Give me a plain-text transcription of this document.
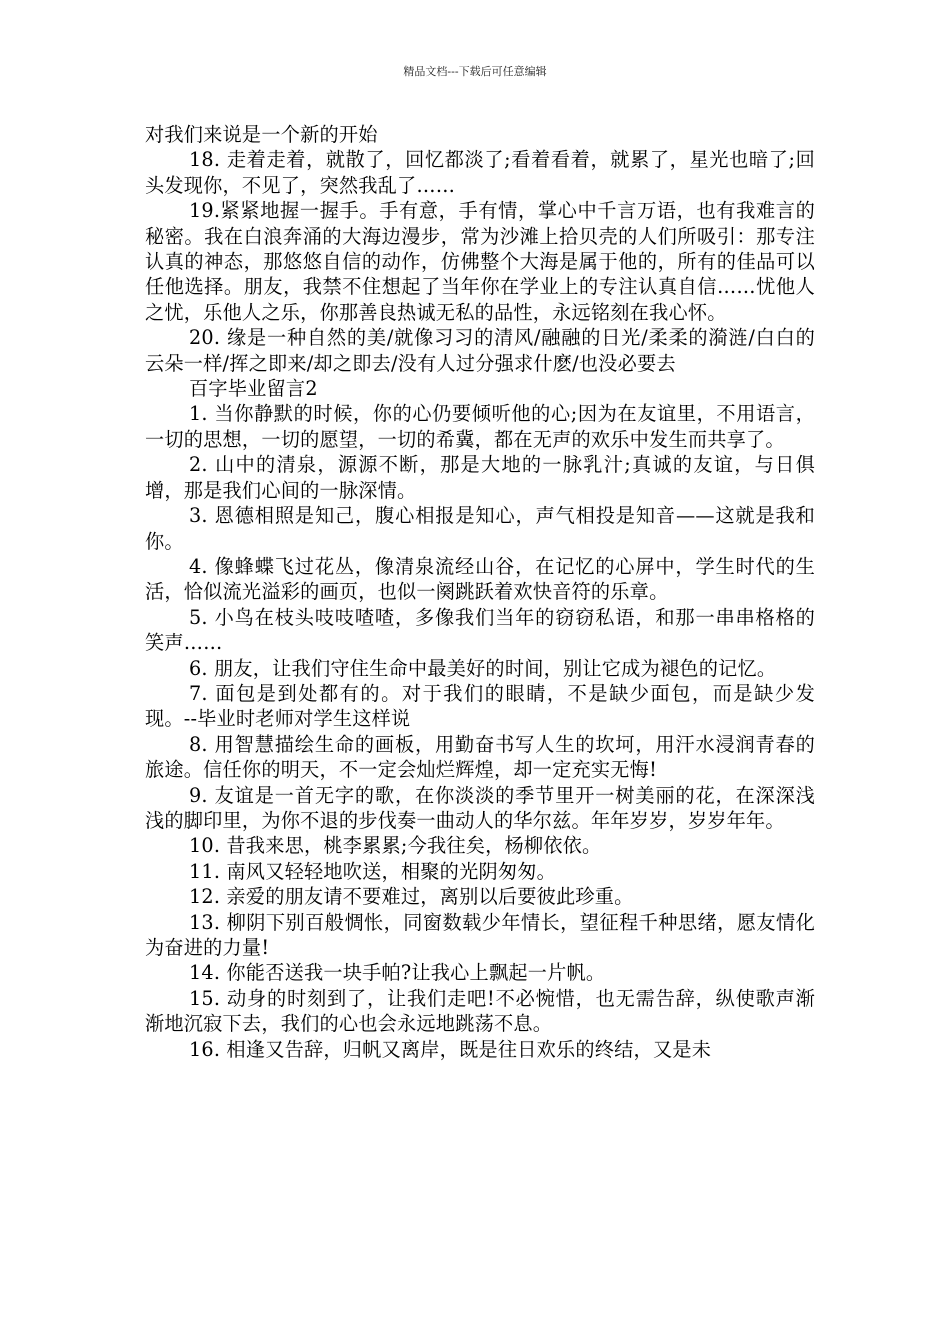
精品文档---下载后可任意编辑

对我们来说是一个新的开始

18. 走着走着，就散了，回忆都淡了;看着看着，就累了，星光也暗了;回头发现你，不见了，突然我乱了……

19.紧紧地握一握手。手有意，手有情，掌心中千言万语，也有我难言的秘密。我在白浪奔涌的大海边漫步，常为沙滩上拾贝壳的人们所吸引：那专注认真的神态，那悠悠自信的动作，仿佛整个大海是属于他的，所有的佳品可以任他选择。朋友，我禁不住想起了当年你在学业上的专注认真自信……忧他人之忧，乐他人之乐，你那善良热诚无私的品性，永远铭刻在我心怀。

20. 缘是一种自然的美/就像习习的清风/融融的日光/柔柔的漪涟/白白的云朵一样/挥之即来/却之即去/没有人过分强求什麽/也没必要去

百字毕业留言2

1. 当你静默的时候，你的心仍要倾听他的心;因为在友谊里，不用语言，一切的思想，一切的愿望，一切的希冀，都在无声的欢乐中发生而共享了。

2. 山中的清泉，源源不断，那是大地的一脉乳汁;真诚的友谊，与日俱增，那是我们心间的一脉深情。

3. 恩德相照是知己，腹心相报是知心，声气相投是知音——这就是我和你。

4. 像蜂蝶飞过花丛，像清泉流经山谷，在记忆的心屏中，学生时代的生活，恰似流光溢彩的画页，也似一阕跳跃着欢快音符的乐章。

5. 小鸟在枝头吱吱喳喳，多像我们当年的窃窃私语，和那一串串格格的笑声……

6. 朋友，让我们守住生命中最美好的时间，别让它成为褪色的记忆。

7. 面包是到处都有的。对于我们的眼睛，不是缺少面包，而是缺少发现。--毕业时老师对学生这样说

8. 用智慧描绘生命的画板，用勤奋书写人生的坎坷，用汗水浸润青春的旅途。信任你的明天，不一定会灿烂辉煌，却一定充实无悔!

9. 友谊是一首无字的歌，在你淡淡的季节里开一树美丽的花，在深深浅浅的脚印里，为你不退的步伐奏一曲动人的华尔兹。年年岁岁，岁岁年年。

10. 昔我来思，桃李累累;今我往矣，杨柳依依。

11. 南风又轻轻地吹送，相聚的光阴匆匆。

12. 亲爱的朋友请不要难过，离别以后要彼此珍重。

13. 柳阴下别百般惆怅，同窗数载少年情长，望征程千种思绪，愿友情化为奋进的力量!

14. 你能否送我一块手帕?让我心上飘起一片帆。

15. 动身的时刻到了，让我们走吧!不必惋惜，也无需告辞，纵使歌声渐渐地沉寂下去，我们的心也会永远地跳荡不息。

16. 相逢又告辞，归帆又离岸，既是往日欢乐的终结，又是未
